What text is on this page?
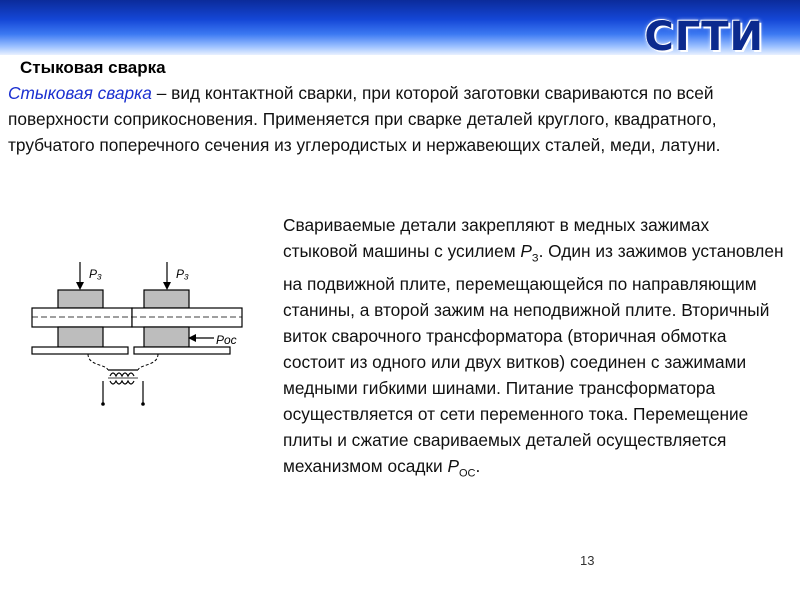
СГТИ
Стыковая сварка
Стыковая сварка – вид контактной сварки, при которой заготовки свариваются по всей поверхности соприкосновения. Применяется при сварке деталей круглого, квадратного, трубчатого поперечного сечения из углеродистых и нержавеющих сталей, меди, латуни.
P₃	P₃
Pос
Свариваемые детали закрепляют в медных зажимах стыковой машины с усилием $P_З$. Один из зажимов установлен на подвижной плите, перемещающейся по направляющим станины, а второй зажим на неподвижной плите. Вторичный виток сварочного трансформатора (вторичная обмотка состоит из одного или двух витков) соединен с зажимами медными гибкими шинами. Питание трансформатора осуществляется от сети переменного тока. Перемещение плиты и сжатие свариваемых деталей осуществляется механизмом осадки $P_{ОС}$.
13
